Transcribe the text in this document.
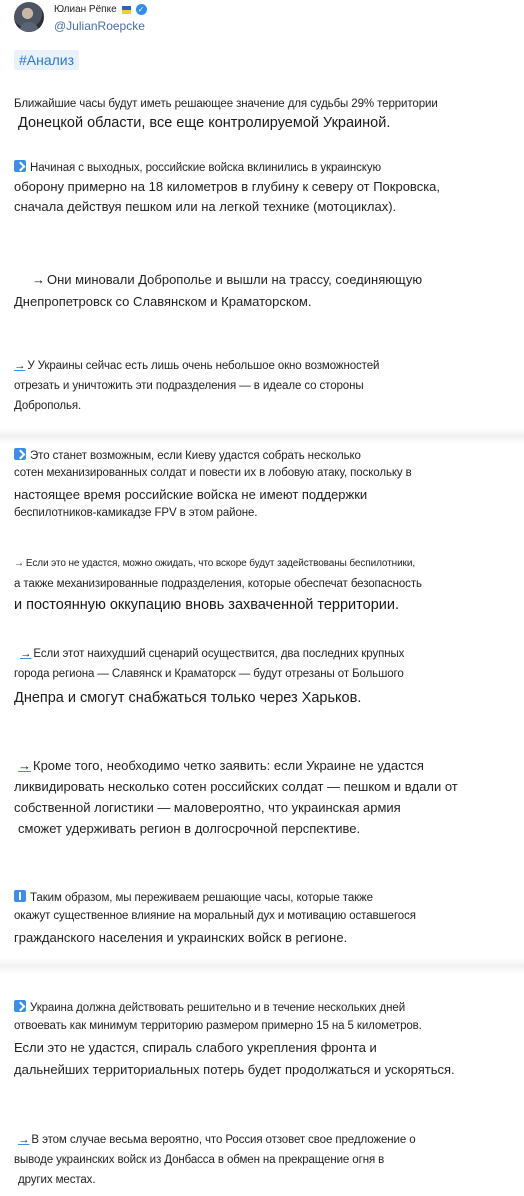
Юлиан Рёпке	✓
@JulianRoepcke
#Анализ
Ближайшие часы будут иметь решающее значение для судьбы 29% территории
Донецкой области, все еще контролируемой Украиной.
Начиная с выходных, российские войска вклинились в украинскую
оборону примерно на 18 километров в глубину к северу от Покровска,
сначала действуя пешком или на легкой технике (мотоциклах).
→ Они миновали Доброполье и вышли на трассу, соединяющую
Днепропетровск со Славянском и Краматорском.
→ У Украины сейчас есть лишь очень небольшое окно возможностей
отрезать и уничтожить эти подразделения — в идеале со стороны
Доброполья.
Это станет возможным, если Киеву удастся собрать несколько
сотен механизированных солдат и повести их в лобовую атаку, поскольку в
настоящее время российские войска не имеют поддержки
беспилотников-камикадзе FPV в этом районе.
→ Если это не удастся, можно ожидать, что вскоре будут задействованы беспилотники,
а также механизированные подразделения, которые обеспечат безопасность
и постоянную оккупацию вновь захваченной территории.
→ Если этот наихудший сценарий осуществится, два последних крупных
города региона — Славянск и Краматорск — будут отрезаны от Большого
Днепра и смогут снабжаться только через Харьков.
→ Кроме того, необходимо четко заявить: если Украине не удастся
ликвидировать несколько сотен российских солдат — пешком и вдали от
собственной логистики — маловероятно, что украинская армия
сможет удерживать регион в долгосрочной перспективе.
Таким образом, мы переживаем решающие часы, которые также
окажут существенное влияние на моральный дух и мотивацию оставшегося
гражданского населения и украинских войск в регионе.
Украина должна действовать решительно и в течение нескольких дней
отвоевать как минимум территорию размером примерно 15 на 5 километров.
Если это не удастся, спираль слабого укрепления фронта и
дальнейших территориальных потерь будет продолжаться и ускоряться.
→ В этом случае весьма вероятно, что Россия отзовет свое предложение о
выводе украинских войск из Донбасса в обмен на прекращение огня в
других местах.
